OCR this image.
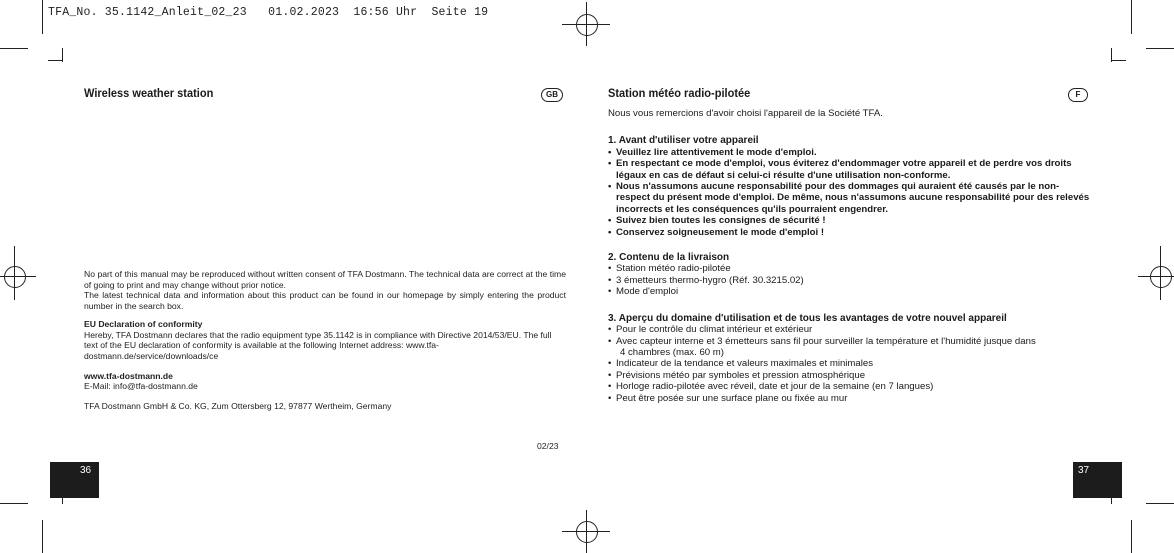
TFA_No. 35.1142_Anleit_02_23   01.02.2023  16:56 Uhr  Seite 19
Wireless weather station	GB

No part of this manual may be reproduced without written consent of TFA Dostmann. The technical data are correct at the time of going to print and may change without prior notice.

The latest technical data and information about this product can be found in our homepage by simply entering the product number in the search box.

EU Declaration of conformity

Hereby, TFA Dostmann declares that the radio equipment type 35.1142 is in compliance with Directive 2014/53/EU. The full text of the EU declaration of conformity is available at the following Internet address: www.tfa-dostmann.de/service/downloads/ce

www.tfa-dostmann.de

E-Mail: info@tfa-dostmann.de

TFA Dostmann GmbH & Co. KG, Zum Ottersberg 12, 97877 Wertheim, Germany

02/23
36
Station météo radio-pilotée	F
Nous vous remercions d'avoir choisi l'appareil de la Société TFA.
1. Avant d'utiliser votre appareil
• Veuillez lire attentivement le mode d'emploi.
• En respectant ce mode d'emploi, vous éviterez d'endommager votre appareil et de perdre vos droits légaux en cas de défaut si celui-ci résulte d'une utilisation non-conforme.
• Nous n'assumons aucune responsabilité pour des dommages qui auraient été causés par le non-respect du présent mode d'emploi. De même, nous n'assumons aucune responsabilité pour des relevés incorrects et les conséquences qu'ils pourraient engendrer.
• Suivez bien toutes les consignes de sécurité !
• Conservez soigneusement le mode d'emploi !
2. Contenu de la livraison
• Station météo radio-pilotée
• 3 émetteurs thermo-hygro (Réf. 30.3215.02)
• Mode d'emploi
3. Aperçu du domaine d'utilisation et de tous les avantages de votre nouvel appareil
• Pour le contrôle du climat intérieur et extérieur
• Avec capteur interne et 3 émetteurs sans fil pour surveiller la température et l'humidité jusque dans
4 chambres (max. 60 m)
• Indicateur de la tendance et valeurs maximales et minimales
• Prévisions météo par symboles et pression atmosphérique
• Horloge radio-pilotée avec réveil, date et jour de la semaine (en 7 langues)
• Peut être posée sur une surface plane ou fixée au mur
37
